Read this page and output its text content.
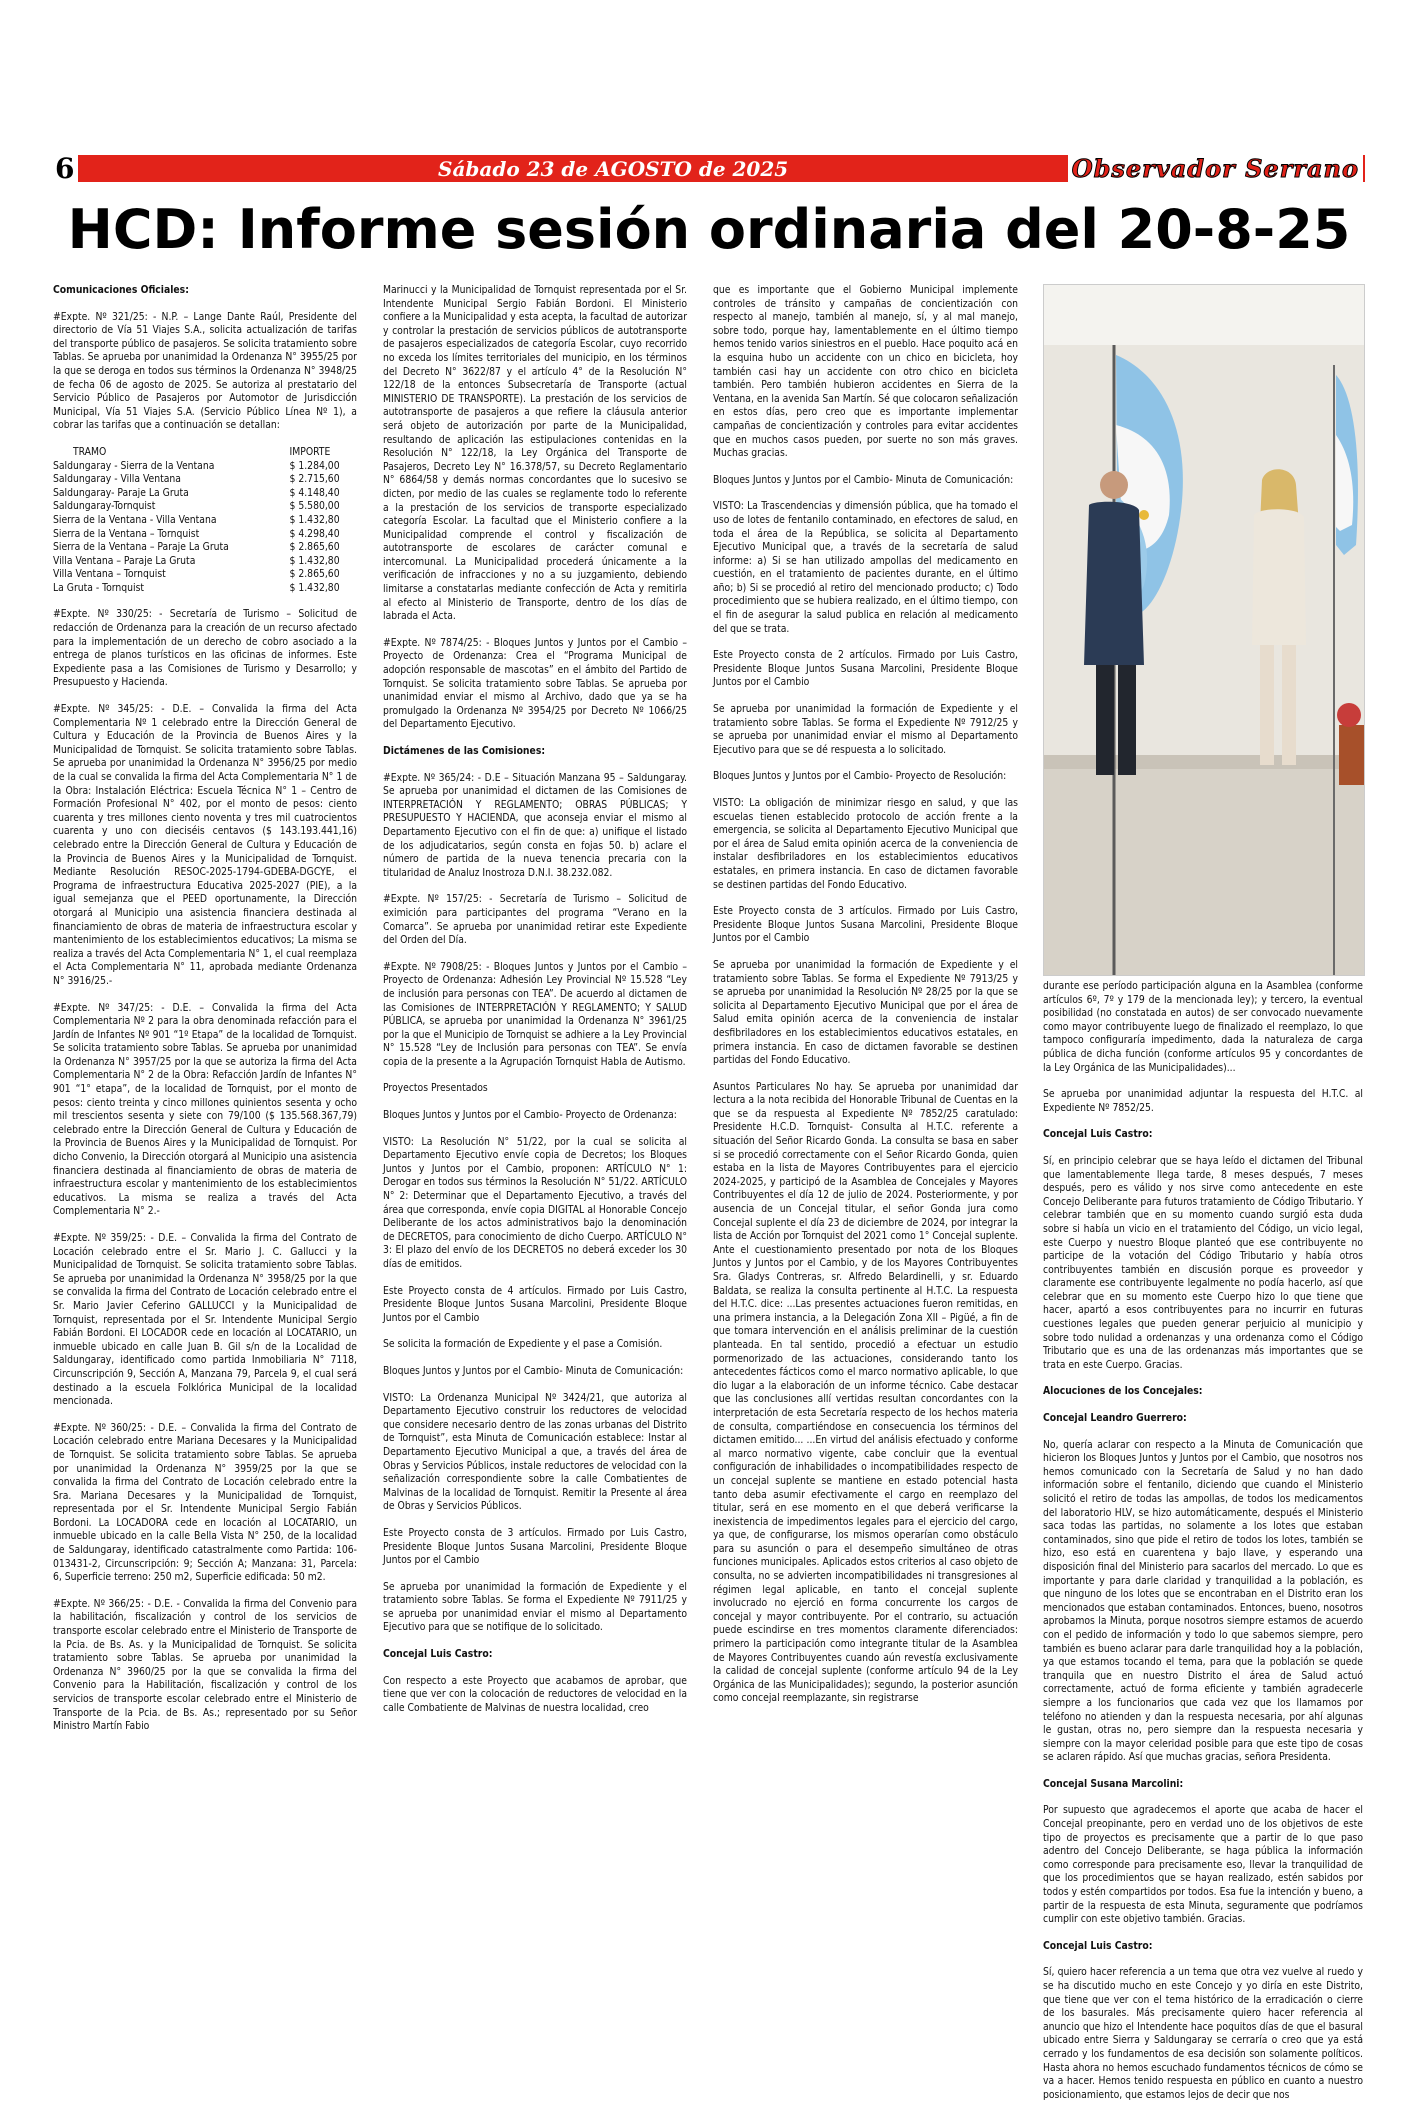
6	Sábado 23 de AGOSTO de 2025	Observador Serrano
HCD: Informe sesión ordinaria del 20-8-25

Comunicaciones Oficiales:

#Expte. Nº 321/25: - N.P. – Lange Dante Raúl, Presidente del directorio de Vía 51 Viajes S.A., solicita actualización de tarifas del transporte público de pasajeros. Se solicita tratamiento sobre Tablas. Se aprueba por unanimidad la Ordenanza N° 3955/25 por la que se deroga en todos sus términos la Ordenanza N° 3948/25 de fecha 06 de agosto de 2025. Se autoriza al prestatario del Servicio Público de Pasajeros por Automotor de Jurisdicción Municipal, Vía 51 Viajes S.A. (Servicio Público Línea Nº 1), a cobrar las tarifas que a continuación se detallan:

TRAMO	IMPORTE
Saldungaray - Sierra de la Ventana	$ 1.284,00
Saldungaray - Villa Ventana	$ 2.715,60
Saldungaray- Paraje La Gruta	$ 4.148,40
Saldungaray-Tornquist	$ 5.580,00
Sierra de la Ventana - Villa Ventana	$ 1.432,80
Sierra de la Ventana – Tornquist	$ 4.298,40
Sierra de la Ventana – Paraje La Gruta	$ 2.865,60
Villa Ventana – Paraje La Gruta	$ 1.432,80
Villa Ventana – Tornquist	$ 2.865,60
La Gruta - Tornquist	$ 1.432,80

#Expte. Nº 330/25: - Secretaría de Turismo – Solicitud de redacción de Ordenanza para la creación de un recurso afectado para la implementación de un derecho de cobro asociado a la entrega de planos turísticos en las oficinas de informes. Este Expediente pasa a las Comisiones de Turismo y Desarrollo; y Presupuesto y Hacienda.

#Expte. Nº 345/25: - D.E. – Convalida la firma del Acta Complementaria Nº 1 celebrado entre la Dirección General de Cultura y Educación de la Provincia de Buenos Aires y la Municipalidad de Tornquist. Se solicita tratamiento sobre Tablas. Se aprueba por unanimidad la Ordenanza N° 3956/25 por medio de la cual se convalida la firma del Acta Complementaria N° 1 de la Obra: Instalación Eléctrica: Escuela Técnica N° 1 – Centro de Formación Profesional N° 402, por el monto de pesos: ciento cuarenta y tres millones ciento noventa y tres mil cuatrocientos cuarenta y uno con dieciséis centavos ($ 143.193.441,16) celebrado entre la Dirección General de Cultura y Educación de la Provincia de Buenos Aires y la Municipalidad de Tornquist. Mediante Resolución RESOC-2025-1794-GDEBA-DGCYE, el Programa de infraestructura Educativa 2025-2027 (PIE), a la igual semejanza que el PEED oportunamente, la Dirección otorgará al Municipio una asistencia financiera destinada al financiamiento de obras de materia de infraestructura escolar y mantenimiento de los establecimientos educativos; La misma se realiza a través del Acta Complementaria N° 1, el cual reemplaza el Acta Complementaria N° 11, aprobada mediante Ordenanza N° 3916/25.-

#Expte. Nº 347/25: - D.E. – Convalida la firma del Acta Complementaria Nº 2 para la obra denominada refacción para el Jardín de Infantes Nº 901 “1º Etapa” de la localidad de Tornquist. Se solicita tratamiento sobre Tablas. Se aprueba por unanimidad la Ordenanza N° 3957/25 por la que se autoriza la firma del Acta Complementaria N° 2 de la Obra: Refacción Jardín de Infantes N° 901 “1° etapa”, de la localidad de Tornquist, por el monto de pesos: ciento treinta y cinco millones quinientos sesenta y ocho mil trescientos sesenta y siete con 79/100 ($ 135.568.367,79) celebrado entre la Dirección General de Cultura y Educación de la Provincia de Buenos Aires y la Municipalidad de Tornquist. Por dicho Convenio, la Dirección otorgará al Municipio una asistencia financiera destinada al financiamiento de obras de materia de infraestructura escolar y mantenimiento de los establecimientos educativos. La misma se realiza a través del Acta Complementaria N° 2.-

#Expte. Nº 359/25: - D.E. – Convalida la firma del Contrato de Locación celebrado entre el Sr. Mario J. C. Gallucci y la Municipalidad de Tornquist. Se solicita tratamiento sobre Tablas. Se aprueba por unanimidad la Ordenanza N° 3958/25 por la que se convalida la firma del Contrato de Locación celebrado entre el Sr. Mario Javier Ceferino GALLUCCI y la Municipalidad de Tornquist, representada por el Sr. Intendente Municipal Sergio Fabián Bordoni. El LOCADOR cede en locación al LOCATARIO, un inmueble ubicado en calle Juan B. Gil s/n de la Localidad de Saldungaray, identificado como partida Inmobiliaria N° 7118, Circunscripción 9, Sección A, Manzana 79, Parcela 9, el cual será destinado a la escuela Folklórica Municipal de la localidad mencionada.

#Expte. Nº 360/25: - D.E. – Convalida la firma del Contrato de Locación celebrado entre Mariana Decesares y la Municipalidad de Tornquist. Se solicita tratamiento sobre Tablas. Se aprueba por unanimidad la Ordenanza N° 3959/25 por la que se convalida la firma del Contrato de Locación celebrado entre la Sra. Mariana Decesares y la Municipalidad de Tornquist, representada por el Sr. Intendente Municipal Sergio Fabián Bordoni. La LOCADORA cede en locación al LOCATARIO, un inmueble ubicado en la calle Bella Vista N° 250, de la localidad de Saldungaray, identificado catastralmente como Partida: 106-013431-2, Circunscripción: 9; Sección A; Manzana: 31, Parcela: 6, Superficie terreno: 250 m2, Superficie edificada: 50 m2.

#Expte. Nº 366/25: - D.E. - Convalida la firma del Convenio para la habilitación, fiscalización y control de los servicios de transporte escolar celebrado entre el Ministerio de Transporte de la Pcia. de Bs. As. y la Municipalidad de Tornquist. Se solicita tratamiento sobre Tablas. Se aprueba por unanimidad la Ordenanza N° 3960/25 por la que se convalida la firma del Convenio para la Habilitación, fiscalización y control de los servicios de transporte escolar celebrado entre el Ministerio de Transporte de la Pcia. de Bs. As.; representado por su Señor Ministro Martín Fabio

Marinucci y la Municipalidad de Tornquist representada por el Sr. Intendente Municipal Sergio Fabián Bordoni. El Ministerio confiere a la Municipalidad y esta acepta, la facultad de autorizar y controlar la prestación de servicios públicos de autotransporte de pasajeros especializados de categoría Escolar, cuyo recorrido no exceda los límites territoriales del municipio, en los términos del Decreto N° 3622/87 y el artículo 4° de la Resolución N° 122/18 de la entonces Subsecretaría de Transporte (actual MINISTERIO DE TRANSPORTE). La prestación de los servicios de autotransporte de pasajeros a que refiere la cláusula anterior será objeto de autorización por parte de la Municipalidad, resultando de aplicación las estipulaciones contenidas en la Resolución N° 122/18, la Ley Orgánica del Transporte de Pasajeros, Decreto Ley N° 16.378/57, su Decreto Reglamentario N° 6864/58 y demás normas concordantes que lo sucesivo se dicten, por medio de las cuales se reglamente todo lo referente a la prestación de los servicios de transporte especializado categoría Escolar. La facultad que el Ministerio confiere a la Municipalidad comprende el control y fiscalización de autotransporte de escolares de carácter comunal e intercomunal. La Municipalidad procederá únicamente a la verificación de infracciones y no a su juzgamiento, debiendo limitarse a constatarlas mediante confección de Acta y remitirla al efecto al Ministerio de Transporte, dentro de los días de labrada el Acta.

#Expte. Nº 7874/25: - Bloques Juntos y Juntos por el Cambio – Proyecto de Ordenanza: Crea el “Programa Municipal de adopción responsable de mascotas” en el ámbito del Partido de Tornquist. Se solicita tratamiento sobre Tablas. Se aprueba por unanimidad enviar el mismo al Archivo, dado que ya se ha promulgado la Ordenanza Nº 3954/25 por Decreto Nº 1066/25 del Departamento Ejecutivo.

Dictámenes de las Comisiones:

#Expte. Nº 365/24: - D.E – Situación Manzana 95 – Saldungaray. Se aprueba por unanimidad el dictamen de las Comisiones de INTERPRETACIÓN Y REGLAMENTO; OBRAS PÚBLICAS; Y PRESUPUESTO Y HACIENDA, que aconseja enviar el mismo al Departamento Ejecutivo con el fin de que: a) unifique el listado de los adjudicatarios, según consta en fojas 50. b) aclare el número de partida de la nueva tenencia precaria con la titularidad de Analuz Inostroza D.N.I. 38.232.082.

#Expte. Nº 157/25: - Secretaría de Turismo – Solicitud de eximición para participantes del programa “Verano en la Comarca”. Se aprueba por unanimidad retirar este Expediente del Orden del Día.

#Expte. Nº 7908/25: - Bloques Juntos y Juntos por el Cambio – Proyecto de Ordenanza: Adhesión Ley Provincial Nº 15.528 “Ley de inclusión para personas con TEA”. De acuerdo al dictamen de las Comisiones de INTERPRETACIÓN Y REGLAMENTO; Y SALUD PÚBLICA, se aprueba por unanimidad la Ordenanza N° 3961/25 por la que el Municipio de Tornquist se adhiere a la Ley Provincial N° 15.528 “Ley de Inclusión para personas con TEA”. Se envía copia de la presente a la Agrupación Tornquist Habla de Autismo.

Proyectos Presentados

Bloques Juntos y Juntos por el Cambio- Proyecto de Ordenanza:

VISTO: La Resolución N° 51/22, por la cual se solicita al Departamento Ejecutivo envíe copia de Decretos; los Bloques Juntos y Juntos por el Cambio, proponen: ARTÍCULO N° 1: Derogar en todos sus términos la Resolución N° 51/22. ARTÍCULO N° 2: Determinar que el Departamento Ejecutivo, a través del área que corresponda, envíe copia DIGITAL al Honorable Concejo Deliberante de los actos administrativos bajo la denominación de DECRETOS, para conocimiento de dicho Cuerpo. ARTÍCULO N° 3: El plazo del envío de los DECRETOS no deberá exceder los 30 días de emitidos.

Este Proyecto consta de 4 artículos. Firmado por Luis Castro, Presidente Bloque Juntos Susana Marcolini, Presidente Bloque Juntos por el Cambio

Se solicita la formación de Expediente y el pase a Comisión.

Bloques Juntos y Juntos por el Cambio- Minuta de Comunicación:

VISTO: La Ordenanza Municipal Nº 3424/21, que autoriza al Departamento Ejecutivo construir los reductores de velocidad que considere necesario dentro de las zonas urbanas del Distrito de Tornquist”, esta Minuta de Comunicación establece: Instar al Departamento Ejecutivo Municipal a que, a través del área de Obras y Servicios Públicos, instale reductores de velocidad con la señalización correspondiente sobre la calle Combatientes de Malvinas de la localidad de Tornquist. Remitir la Presente al área de Obras y Servicios Públicos.

Este Proyecto consta de 3 artículos. Firmado por Luis Castro, Presidente Bloque Juntos Susana Marcolini, Presidente Bloque Juntos por el Cambio

Se aprueba por unanimidad la formación de Expediente y el tratamiento sobre Tablas. Se forma el Expediente Nº 7911/25 y se aprueba por unanimidad enviar el mismo al Departamento Ejecutivo para que se notifique de lo solicitado.

Concejal Luis Castro:

Con respecto a este Proyecto que acabamos de aprobar, que tiene que ver con la colocación de reductores de velocidad en la calle Combatiente de Malvinas de nuestra localidad, creo

que es importante que el Gobierno Municipal implemente controles de tránsito y campañas de concientización con respecto al manejo, también al manejo, sí, y al mal manejo, sobre todo, porque hay, lamentablemente en el último tiempo hemos tenido varios siniestros en el pueblo. Hace poquito acá en la esquina hubo un accidente con un chico en bicicleta, hoy también casi hay un accidente con otro chico en bicicleta también. Pero también hubieron accidentes en Sierra de la Ventana, en la avenida San Martín. Sé que colocaron señalización en estos días, pero creo que es importante implementar campañas de concientización y controles para evitar accidentes que en muchos casos pueden, por suerte no son más graves. Muchas gracias.

Bloques Juntos y Juntos por el Cambio- Minuta de Comunicación:

VISTO: La Trascendencias y dimensión pública, que ha tomado el uso de lotes de fentanilo contaminado, en efectores de salud, en toda el área de la República, se solicita al Departamento Ejecutivo Municipal que, a través de la secretaría de salud informe: a) Si se han utilizado ampollas del medicamento en cuestión, en el tratamiento de pacientes durante, en el último año; b) Si se procedió al retiro del mencionado producto; c) Todo procedimiento que se hubiera realizado, en el último tiempo, con el fin de asegurar la salud publica en relación al medicamento del que se trata.

Este Proyecto consta de 2 artículos. Firmado por Luis Castro, Presidente Bloque Juntos Susana Marcolini, Presidente Bloque Juntos por el Cambio

Se aprueba por unanimidad la formación de Expediente y el tratamiento sobre Tablas. Se forma el Expediente Nº 7912/25 y se aprueba por unanimidad enviar el mismo al Departamento Ejecutivo para que se dé respuesta a lo solicitado.

Bloques Juntos y Juntos por el Cambio- Proyecto de Resolución:

VISTO: La obligación de minimizar riesgo en salud, y que las escuelas tienen establecido protocolo de acción frente a la emergencia, se solicita al Departamento Ejecutivo Municipal que por el área de Salud emita opinión acerca de la conveniencia de instalar desfibriladores en los establecimientos educativos estatales, en primera instancia. En caso de dictamen favorable se destinen partidas del Fondo Educativo.

Este Proyecto consta de 3 artículos. Firmado por Luis Castro, Presidente Bloque Juntos Susana Marcolini, Presidente Bloque Juntos por el Cambio

Se aprueba por unanimidad la formación de Expediente y el tratamiento sobre Tablas. Se forma el Expediente Nº 7913/25 y se aprueba por unanimidad la Resolución Nº 28/25 por la que se solicita al Departamento Ejecutivo Municipal que por el área de Salud emita opinión acerca de la conveniencia de instalar desfibriladores en los establecimientos educativos estatales, en primera instancia. En caso de dictamen favorable se destinen partidas del Fondo Educativo.

Asuntos Particulares No hay. Se aprueba por unanimidad dar lectura a la nota recibida del Honorable Tribunal de Cuentas en la que se da respuesta al Expediente Nº 7852/25 caratulado: Presidente H.C.D. Tornquist- Consulta al H.T.C. referente a situación del Señor Ricardo Gonda. La consulta se basa en saber si se procedió correctamente con el Señor Ricardo Gonda, quien estaba en la lista de Mayores Contribuyentes para el ejercicio 2024-2025, y participó de la Asamblea de Concejales y Mayores Contribuyentes el día 12 de julio de 2024. Posteriormente, y por ausencia de un Concejal titular, el señor Gonda jura como Concejal suplente el día 23 de diciembre de 2024, por integrar la lista de Acción por Tornquist del 2021 como 1° Concejal suplente. Ante el cuestionamiento presentado por nota de los Bloques Juntos y Juntos por el Cambio, y de los Mayores Contribuyentes Sra. Gladys Contreras, sr. Alfredo Belardinelli, y sr. Eduardo Baldata, se realiza la consulta pertinente al H.T.C. La respuesta del H.T.C. dice: ...Las presentes actuaciones fueron remitidas, en una primera instancia, a la Delegación Zona XII – Pigüé, a fin de que tomara intervención en el análisis preliminar de la cuestión planteada. En tal sentido, procedió a efectuar un estudio pormenorizado de las actuaciones, considerando tanto los antecedentes fácticos como el marco normativo aplicable, lo que dio lugar a la elaboración de un informe técnico. Cabe destacar que las conclusiones allí vertidas resultan concordantes con la interpretación de esta Secretaría respecto de los hechos materia de consulta, compartiéndose en consecuencia los términos del dictamen emitido... ...En virtud del análisis efectuado y conforme al marco normativo vigente, cabe concluir que la eventual configuración de inhabilidades o incompatibilidades respecto de un concejal suplente se mantiene en estado potencial hasta tanto deba asumir efectivamente el cargo en reemplazo del titular, será en ese momento en el que deberá verificarse la inexistencia de impedimentos legales para el ejercicio del cargo, ya que, de configurarse, los mismos operarían como obstáculo para su asunción o para el desempeño simultáneo de otras funciones municipales. Aplicados estos criterios al caso objeto de consulta, no se advierten incompatibilidades ni transgresiones al régimen legal aplicable, en tanto el concejal suplente involucrado no ejerció en forma concurrente los cargos de concejal y mayor contribuyente. Por el contrario, su actuación puede escindirse en tres momentos claramente diferenciados: primero la participación como integrante titular de la Asamblea de Mayores Contribuyentes cuando aún revestía exclusivamente la calidad de concejal suplente (conforme artículo 94 de la Ley Orgánica de las Municipalidades); segundo, la posterior asunción como concejal reemplazante, sin registrarse

durante ese período participación alguna en la Asamblea (conforme artículos 6º, 7º y 179 de la mencionada ley); y tercero, la eventual posibilidad (no constatada en autos) de ser convocado nuevamente como mayor contribuyente luego de finalizado el reemplazo, lo que tampoco configuraría impedimento, dada la naturaleza de carga pública de dicha función (conforme artículos 95 y concordantes de la Ley Orgánica de las Municipalidades)...

Se aprueba por unanimidad adjuntar la respuesta del H.T.C. al Expediente Nº 7852/25.

Concejal Luis Castro:

Sí, en principio celebrar que se haya leído el dictamen del Tribunal que lamentablemente llega tarde, 8 meses después, 7 meses después, pero es válido y nos sirve como antecedente en este Concejo Deliberante para futuros tratamiento de Código Tributario. Y celebrar también que en su momento cuando surgió esta duda sobre si había un vicio en el tratamiento del Código, un vicio legal, este Cuerpo y nuestro Bloque planteó que ese contribuyente no participe de la votación del Código Tributario y había otros contribuyentes también en discusión porque es proveedor y claramente ese contribuyente legalmente no podía hacerlo, así que celebrar que en su momento este Cuerpo hizo lo que tiene que hacer, apartó a esos contribuyentes para no incurrir en futuras cuestiones legales que pueden generar perjuicio al municipio y sobre todo nulidad a ordenanzas y una ordenanza como el Código Tributario que es una de las ordenanzas más importantes que se trata en este Cuerpo. Gracias.

Alocuciones de los Concejales:

Concejal Leandro Guerrero:

No, quería aclarar con respecto a la Minuta de Comunicación que hicieron los Bloques Juntos y Juntos por el Cambio, que nosotros nos hemos comunicado con la Secretaría de Salud y no han dado información sobre el fentanilo, diciendo que cuando el Ministerio solicitó el retiro de todas las ampollas, de todos los medicamentos del laboratorio HLV, se hizo automáticamente, después el Ministerio saca todas las partidas, no solamente a los lotes que estaban contaminados, sino que pide el retiro de todos los lotes, también se hizo, eso está en cuarentena y bajo llave, y esperando una disposición final del Ministerio para sacarlos del mercado. Lo que es importante y para darle claridad y tranquilidad a la población, es que ninguno de los lotes que se encontraban en el Distrito eran los mencionados que estaban contaminados. Entonces, bueno, nosotros aprobamos la Minuta, porque nosotros siempre estamos de acuerdo con el pedido de información y todo lo que sabemos siempre, pero también es bueno aclarar para darle tranquilidad hoy a la población, ya que estamos tocando el tema, para que la población se quede tranquila que en nuestro Distrito el área de Salud actuó correctamente, actuó de forma eficiente y también agradecerle siempre a los funcionarios que cada vez que los llamamos por teléfono no atienden y dan la respuesta necesaria, por ahí algunas le gustan, otras no, pero siempre dan la respuesta necesaria y siempre con la mayor celeridad posible para que este tipo de cosas se aclaren rápido. Así que muchas gracias, señora Presidenta.

Concejal Susana Marcolini:

Por supuesto que agradecemos el aporte que acaba de hacer el Concejal preopinante, pero en verdad uno de los objetivos de este tipo de proyectos es precisamente que a partir de lo que paso adentro del Concejo Deliberante, se haga pública la información como corresponde para precisamente eso, llevar la tranquilidad de que los procedimientos que se hayan realizado, estén sabidos por todos y estén compartidos por todos. Esa fue la intención y bueno, a partir de la respuesta de esta Minuta, seguramente que podríamos cumplir con este objetivo también. Gracias.

Concejal Luis Castro:

Sí, quiero hacer referencia a un tema que otra vez vuelve al ruedo y se ha discutido mucho en este Concejo y yo diría en este Distrito, que tiene que ver con el tema histórico de la erradicación o cierre de los basurales. Más precisamente quiero hacer referencia al anuncio que hizo el Intendente hace poquitos días de que el basural ubicado entre Sierra y Saldungaray se cerraría o creo que ya está cerrado y los fundamentos de esa decisión son solamente políticos. Hasta ahora no hemos escuchado fundamentos técnicos de cómo se va a hacer. Hemos tenido respuesta en público en cuanto a nuestro posicionamiento, que estamos lejos de decir que nos
